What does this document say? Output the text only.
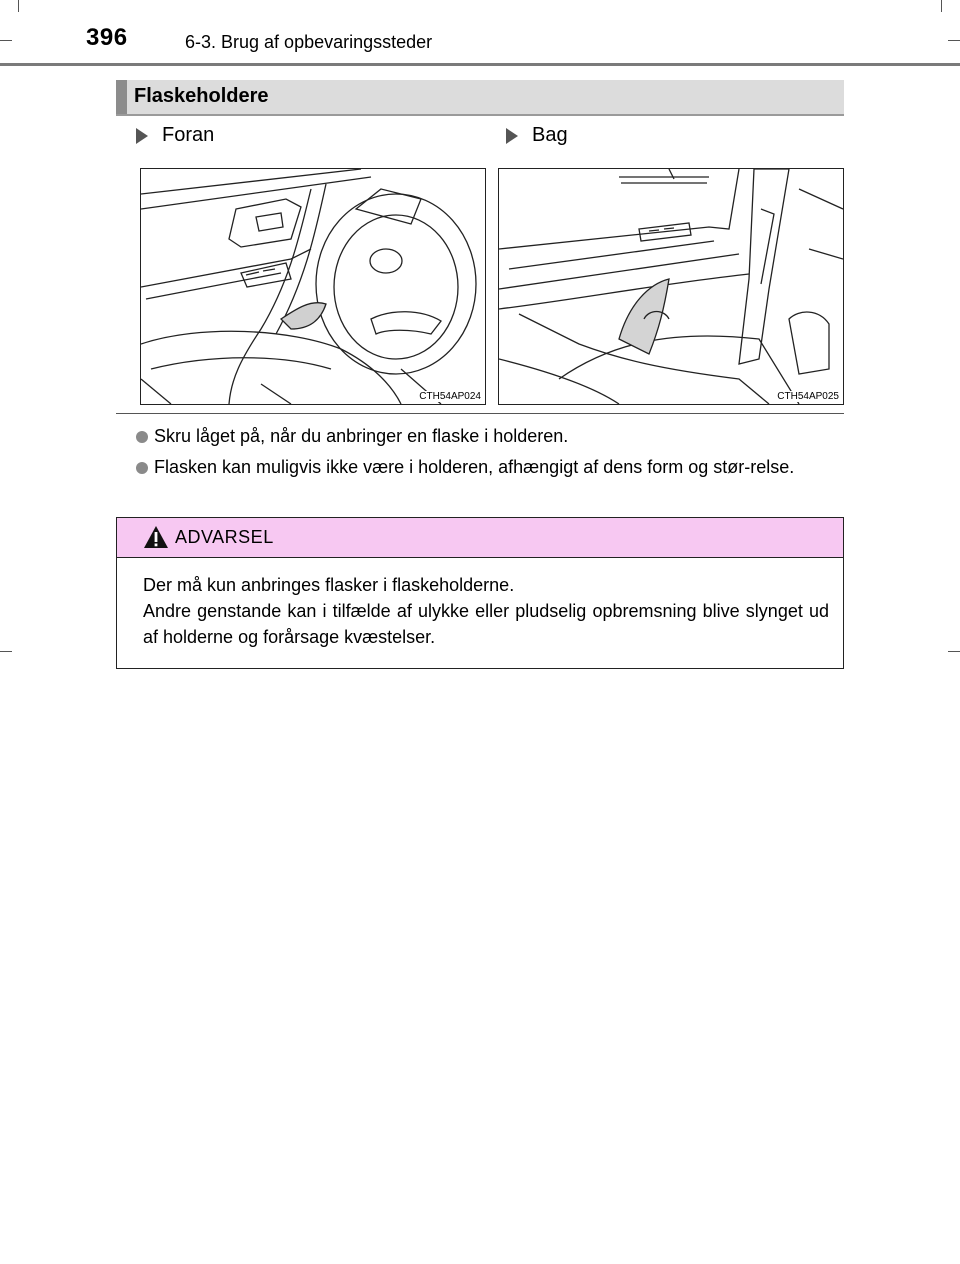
396	6-3. Brug af opbevaringssteder
Flaskeholdere
Foran	Bag
CTH54AP024	CTH54AP025
Skru låget på, når du anbringer en flaske i holderen.
Flasken kan muligvis ikke være i holderen, afhængigt af dens form og stør-relse.
ADVARSEL

Der må kun anbringes flasker i flaskeholderne.

Andre genstande kan i tilfælde af ulykke eller pludselig opbremsning blive slynget ud af holderne og forårsage kvæstelser.
